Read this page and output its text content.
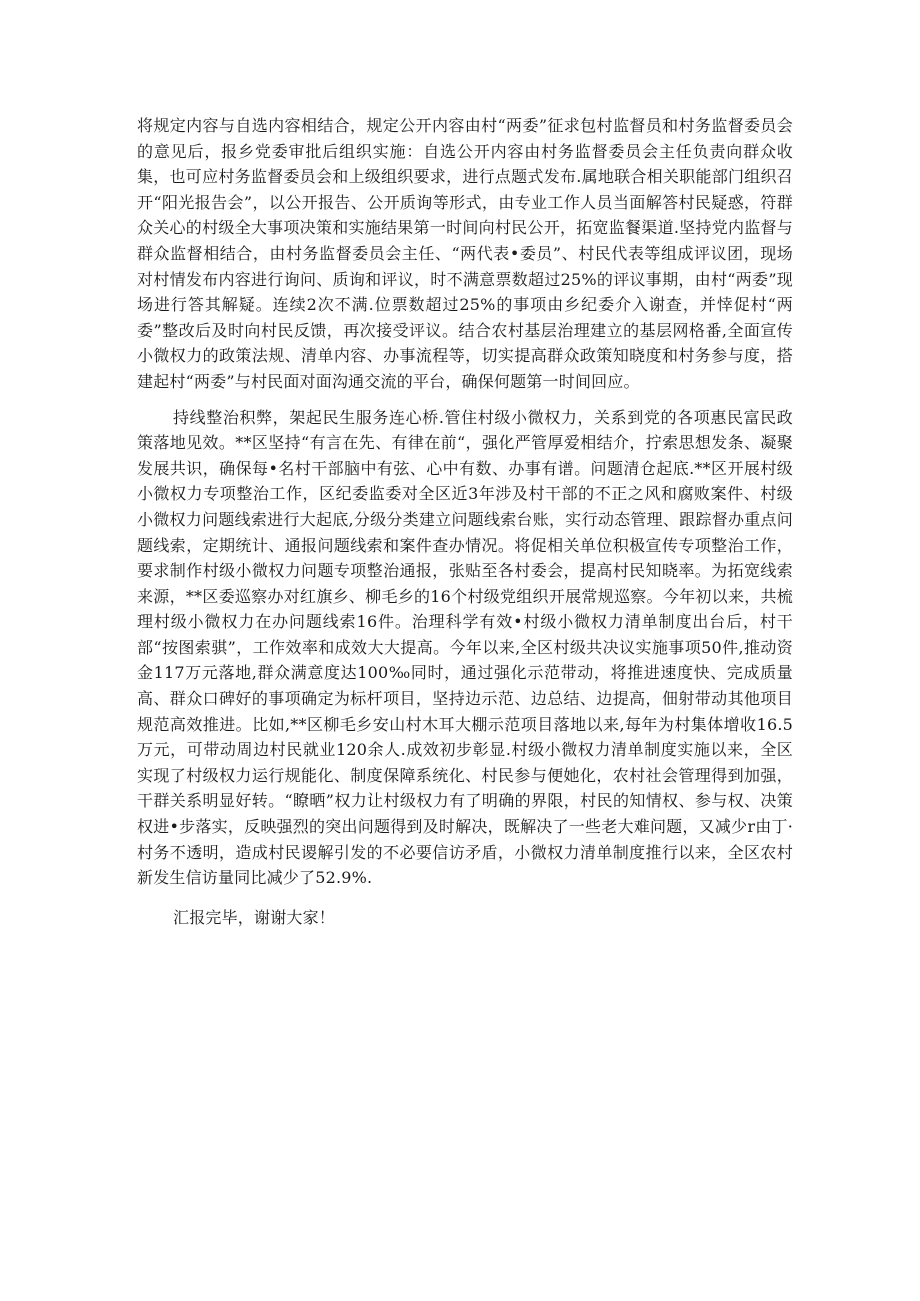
将规定内容与自选内容相结合，规定公开内容由村“两委”征求包村监督员和村务监督委员会的意见后，报乡党委审批后组织实施：自选公开内容由村务监督委员会主任负责向群众收集，也可应村务监督委员会和上级组织要求，进行点题式发布.属地联合相关职能部门组织召开“阳光报告会”，以公开报告、公开质询等形式，由专业工作人员当面解答村民疑惑，符群众关心的村级全大事项决策和实施结果第一时间向村民公开，拓宽监餐渠道.坚持党内监督与群众监督相结合，由村务监督委员会主任、“两代表•委员”、村民代表等组成评议团，现场对村情发布内容进行询问、质询和评议，时不满意票数超过25%的评议事期，由村“两委”现场进行答其解疑。连续2次不满.位票数超过25%的事项由乡纪委介入谢查，并悻促村“两委”整改后及时向村民反馈，再次接受评议。结合农村基层治理建立的基层网格番,全面宣传小微权力的政策法规、清单内容、办事流程等，切实提高群众政策知晓度和村务参与度，搭建起村“两委”与村民面对面沟通交流的平台，确保何题第一时间回应。

持线整治积弊，架起民生服务连心桥.管住村级小微权力，关系到党的各项惠民富民政策落地见效。**区坚持“有言在先、有律在前“，强化严管厚爱相结介，拧索思想发条、凝聚发展共识，确保每•名村干部脑中有弦、心中有数、办事有谱。问题清仓起底.**区开展村级小微权力专项整治工作，区纪委监委对全区近3年涉及村干部的不正之风和腐败案件、村级小微权力问题线索进行大起底,分级分类建立问题线索台账，实行动态管理、跟踪督办重点问题线索，定期统计、通报问题线索和案件查办情况。将促相关单位积极宣传专项整治工作，要求制作村级小微权力问题专项整治通报，张贴至各村委会，提高村民知晓率。为拓宽线索来源，**区委巡察办对红旗乡、柳毛乡的16个村级党组织开展常规巡察。今年初以来，共梳理村级小微权力在办问题线索16件。治理科学有效•村级小微权力清单制度出台后，村干部“按图索骐”，工作效率和成效大大提高。今年以来,全区村级共决议实施事项50件,推动资金117万元落地,群众满意度达100‰同时，通过强化示范带动，将推进速度快、完成质量高、群众口碑好的事项确定为标杆项目，坚持边示范、边总结、边提高，佃射带动其他项目规范高效推进。比如,**区柳毛乡安山村木耳大棚示范项目落地以来,每年为村集体增收16.5万元，可带动周边村民就业120余人.成效初步彰显.村级小微权力清单制度实施以来，全区实现了村级权力运行规能化、制度保障系统化、村民参与便她化，农村社会管理得到加强，干群关系明显好转。“瞭晒”权力让村级权力有了明确的界限，村民的知情权、参与权、决策权进•步落实，反映强烈的突出问题得到及时解决，既解决了一些老大难问题，又减少r由丁·村务不透明，造成村民谡解引发的不必要信访矛盾，小微权力清单制度推行以来，全区农村新发生信访量同比减少了52.9%.

汇报完毕，谢谢大家！
